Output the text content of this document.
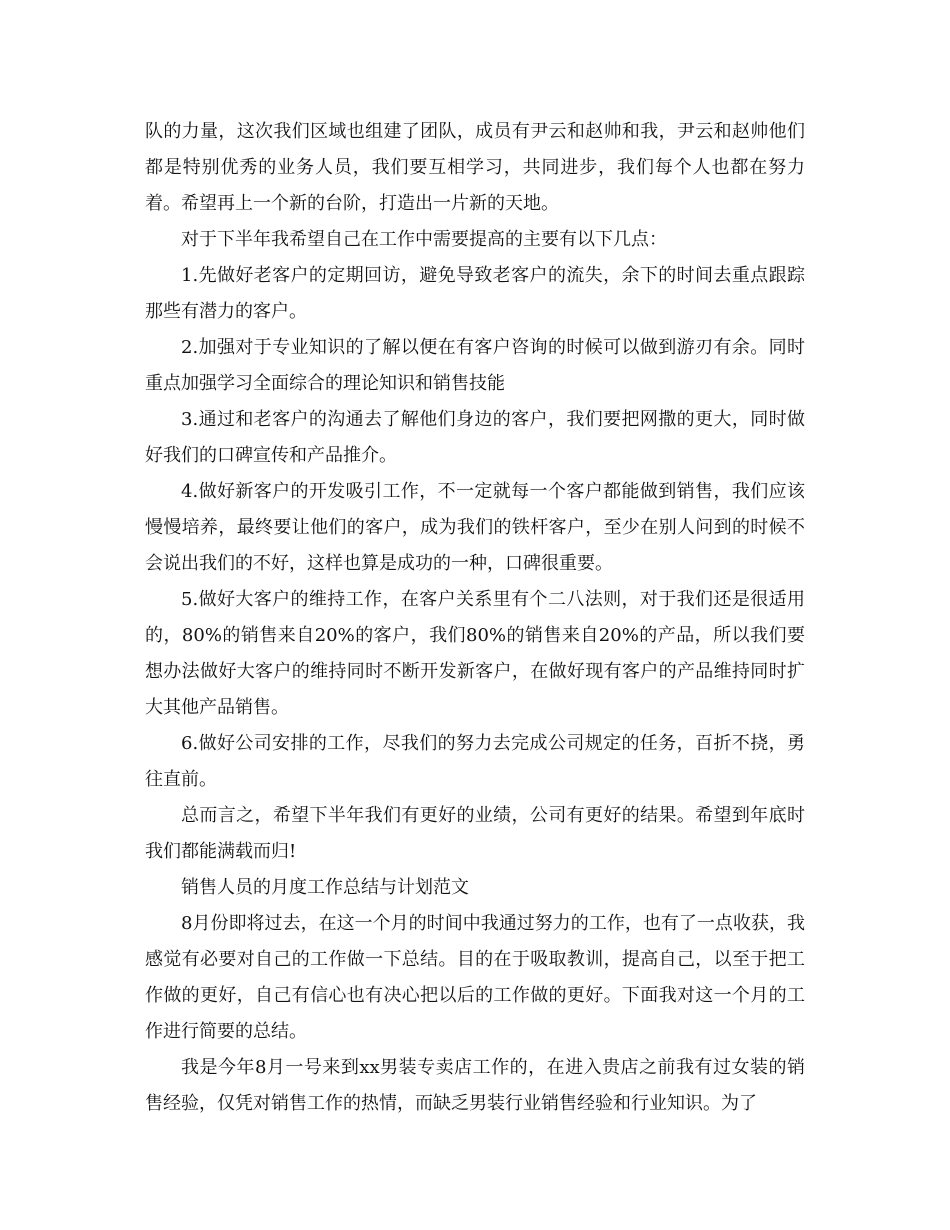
队的力量，这次我们区域也组建了团队，成员有尹云和赵帅和我，尹云和赵帅他们都是特别优秀的业务人员，我们要互相学习，共同进步，我们每个人也都在努力着。希望再上一个新的台阶，打造出一片新的天地。

对于下半年我希望自己在工作中需要提高的主要有以下几点：

1.先做好老客户的定期回访，避免导致老客户的流失，余下的时间去重点跟踪那些有潜力的客户。

2.加强对于专业知识的了解以便在有客户咨询的时候可以做到游刃有余。同时重点加强学习全面综合的理论知识和销售技能

3.通过和老客户的沟通去了解他们身边的客户，我们要把网撒的更大，同时做好我们的口碑宣传和产品推介。

4.做好新客户的开发吸引工作，不一定就每一个客户都能做到销售，我们应该慢慢培养，最终要让他们的客户，成为我们的铁杆客户，至少在别人问到的时候不会说出我们的不好，这样也算是成功的一种，口碑很重要。

5.做好大客户的维持工作，在客户关系里有个二八法则，对于我们还是很适用的，80%的销售来自20%的客户，我们80%的销售来自20%的产品，所以我们要想办法做好大客户的维持同时不断开发新客户，在做好现有客户的产品维持同时扩大其他产品销售。

6.做好公司安排的工作，尽我们的努力去完成公司规定的任务，百折不挠，勇往直前。

总而言之，希望下半年我们有更好的业绩，公司有更好的结果。希望到年底时我们都能满载而归!

销售人员的月度工作总结与计划范文

8月份即将过去，在这一个月的时间中我通过努力的工作，也有了一点收获，我感觉有必要对自己的工作做一下总结。目的在于吸取教训，提高自己，以至于把工作做的更好，自己有信心也有决心把以后的工作做的更好。下面我对这一个月的工作进行简要的总结。

我是今年8月一号来到xx男装专卖店工作的，在进入贵店之前我有过女装的销售经验，仅凭对销售工作的热情，而缺乏男装行业销售经验和行业知识。为了
